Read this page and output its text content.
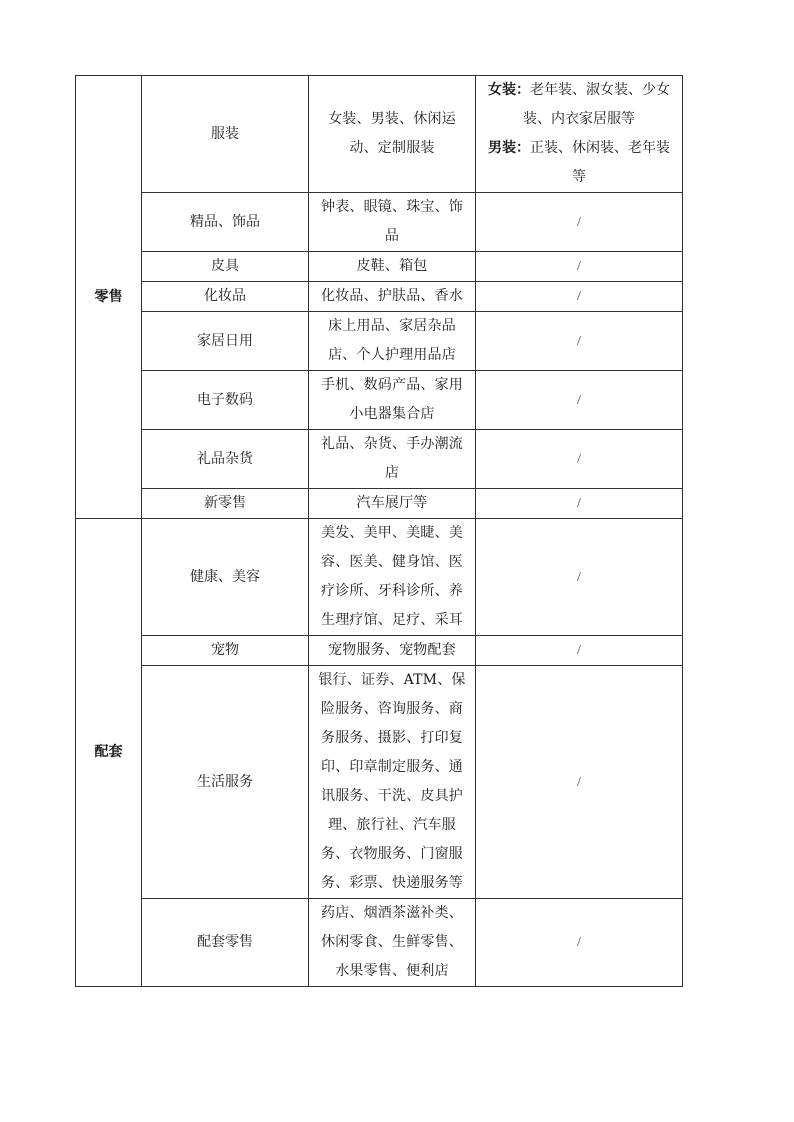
零售	服装	女装、男装、休闲运动、定制服装	女装：老年装、淑女装、少女装、内衣家居服等
男装：正装、休闲装、老年装等

	精品、饰品	钟表、眼镜、珠宝、饰品	/
	皮具	皮鞋、箱包	/
	化妆品	化妆品、护肤品、香水	/
	家居日用	床上用品、家居杂品店、个人护理用品店	/
	电子数码	手机、数码产品、家用小电器集合店	/
	礼品杂货	礼品、杂货、手办潮流店	/
	新零售	汽车展厅等	/
配套	健康、美容	美发、美甲、美睫、美容、医美、健身馆、医疗诊所、牙科诊所、养生理疗馆、足疗、采耳	/
	宠物	宠物服务、宠物配套	/
	生活服务	银行、证券、ATM、保险服务、咨询服务、商务服务、摄影、打印复印、印章制定服务、通讯服务、干洗、皮具护理、旅行社、汽车服务、衣物服务、门窗服务、彩票、快递服务等	/
	配套零售	药店、烟酒茶滋补类、休闲零食、生鲜零售、水果零售、便利店	/
